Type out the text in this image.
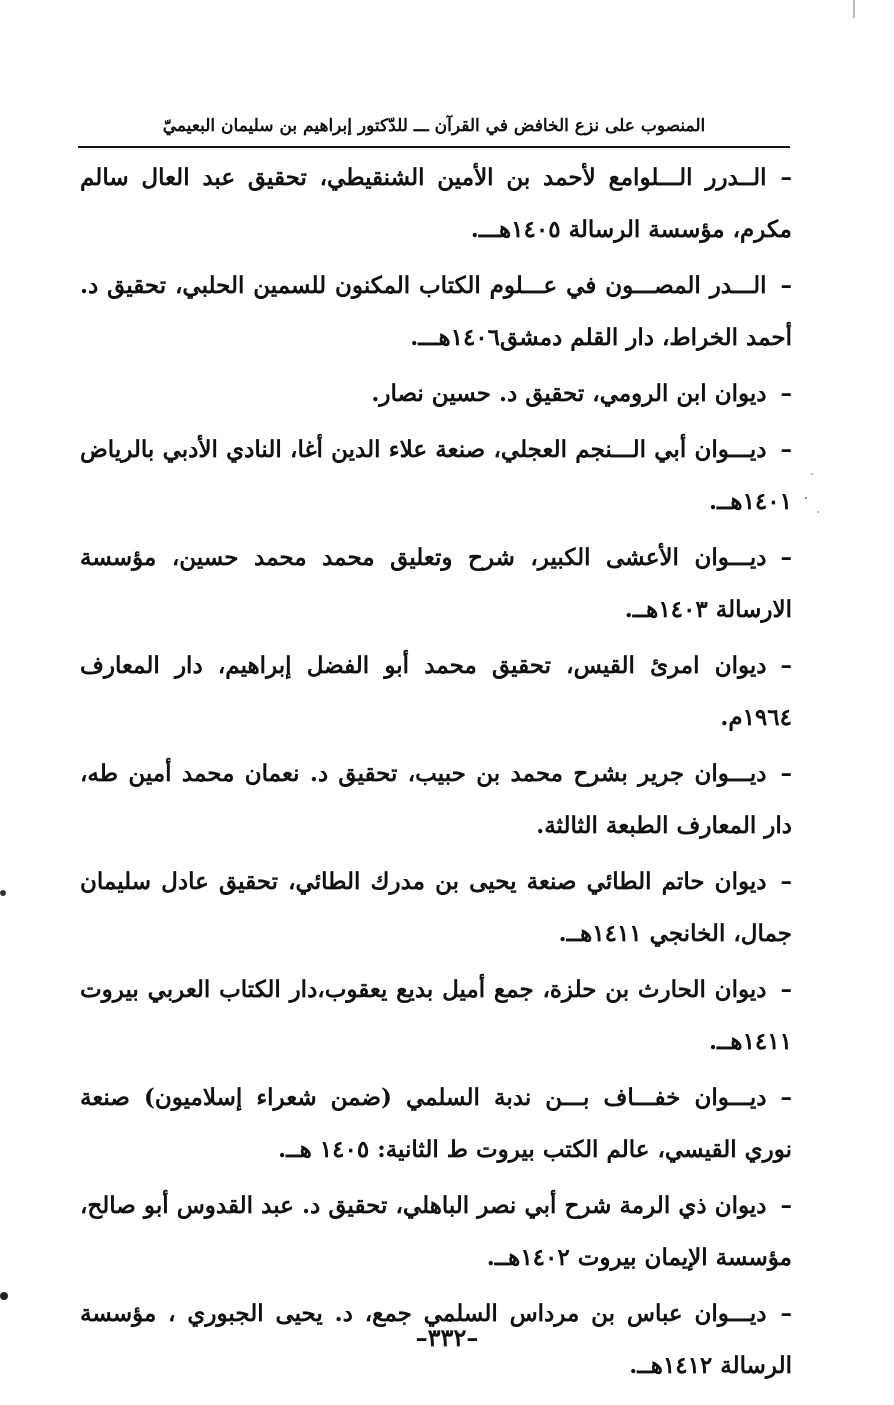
المنصوب على نزع الخافض في القرآن ـــ للدّكتور إبراهيم بن سليمان البعيميّ

–الــدرر الـــلوامع لأحمد بن الأمين الشنقيطي، تحقيق عبد العال سالم مكرم، مؤسسة الرسالة ١٤٠٥هـــ.

–الـــدر المصـــون في عـــلوم الكتاب المكنون للسمين الحلبي، تحقيق د. أحمد الخراط، دار القلم دمشق١٤٠٦هـــ.

–ديوان ابن الرومي، تحقيق د. حسين نصار.

–ديـــوان أبي الـــنجم العجلي، صنعة علاء الدين أغا، النادي الأدبي بالرياض ١٤٠١هــ.

–ديـــوان الأعشى الكبير، شرح وتعليق محمد محمد حسين، مؤسسة الارسالة ١٤٠٣هــ.

–ديوان امرئ القيس، تحقيق محمد أبو الفضل إبراهيم، دار المعارف ١٩٦٤م.

–ديـــوان جرير بشرح محمد بن حبيب، تحقيق د. نعمان محمد أمين طه، دار المعارف الطبعة الثالثة.

–ديوان حاتم الطائي صنعة يحيى بن مدرك الطائي، تحقيق عادل سليمان جمال، الخانجي ١٤١١هــ.

–ديوان الحارث بن حلزة، جمع أميل بديع يعقوب،دار الكتاب العربي بيروت ١٤١١هــ.

–ديـــوان خفـــاف بـــن ندبة السلمي (ضمن شعراء إسلاميون) صنعة نوري القيسي، عالم الكتب بيروت ط الثانية: ١٤٠٥ هــ.

–ديوان ذي الرمة شرح أبي نصر الباهلي، تحقيق د. عبد القدوس أبو صالح، مؤسسة الإيمان بيروت ١٤٠٢هــ.

–ديـــوان عباس بن مرداس السلمي جمع، د. يحيى الجبوري ، مؤسسة الرسالة ١٤١٢هــ.

–٣٣٢–
